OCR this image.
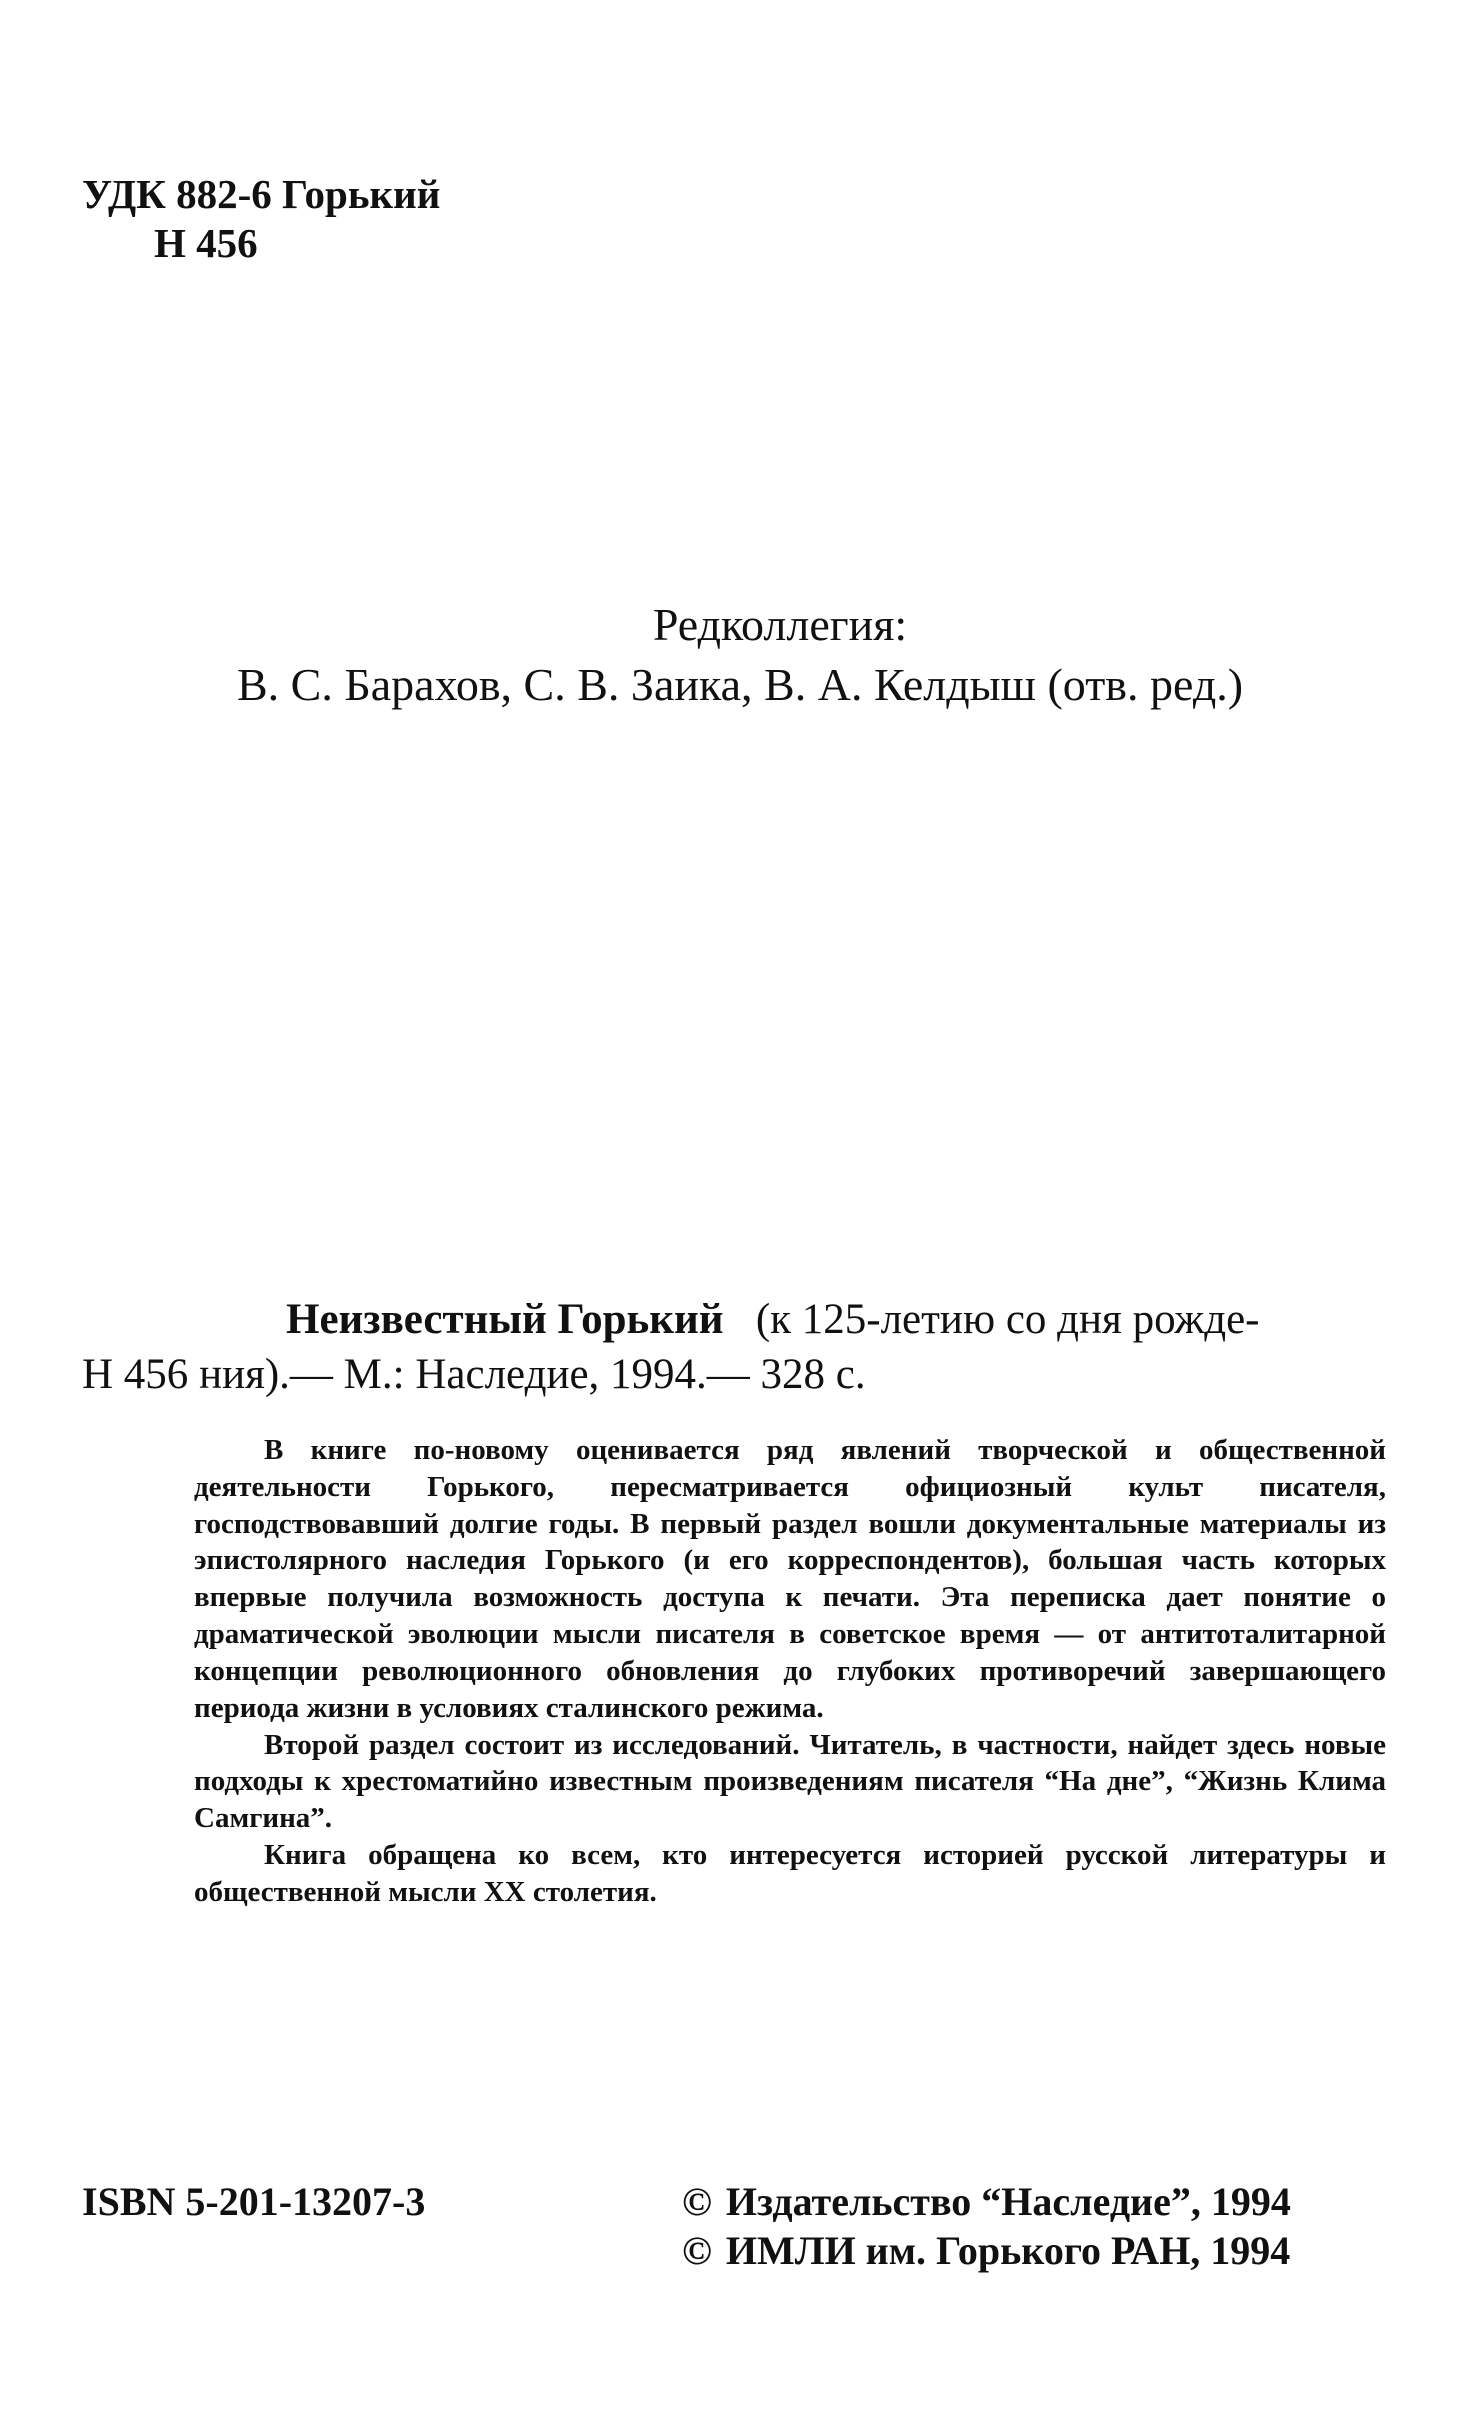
УДК 882-6 Горький
Н 456
Редколлегия:
В. С. Барахов, С. В. Заика, В. А. Келдыш (отв. ред.)
Неизвестный Горький (к 125-летию со дня рожде-
Н 456 ния).— М.: Наследие, 1994.— 328 с.

В книге по-новому оценивается ряд явлений творческой и общественной деятельности Горького, пересматривается официозный культ писателя, господствовавший долгие годы. В первый раздел вошли документальные материалы из эпистолярного наследия Горького (и его корреспондентов), большая часть которых впервые получила возможность доступа к печати. Эта переписка дает понятие о драматической эволюции мысли писателя в советское время — от антитоталитарной концепции революционного обновления до глубоких противоречий завершающего периода жизни в условиях сталинского режима.

Второй раздел состоит из исследований. Читатель, в частности, найдет здесь новые подходы к хрестоматийно известным произведениям писателя “На дне”, “Жизнь Клима Самгина”.

Книга обращена ко всем, кто интересуется историей русской литературы и общественной мысли XX столетия.

ISBN 5-201-13207-3	© Издательство “Наследие”, 1994
© ИМЛИ им. Горького РАН, 1994
